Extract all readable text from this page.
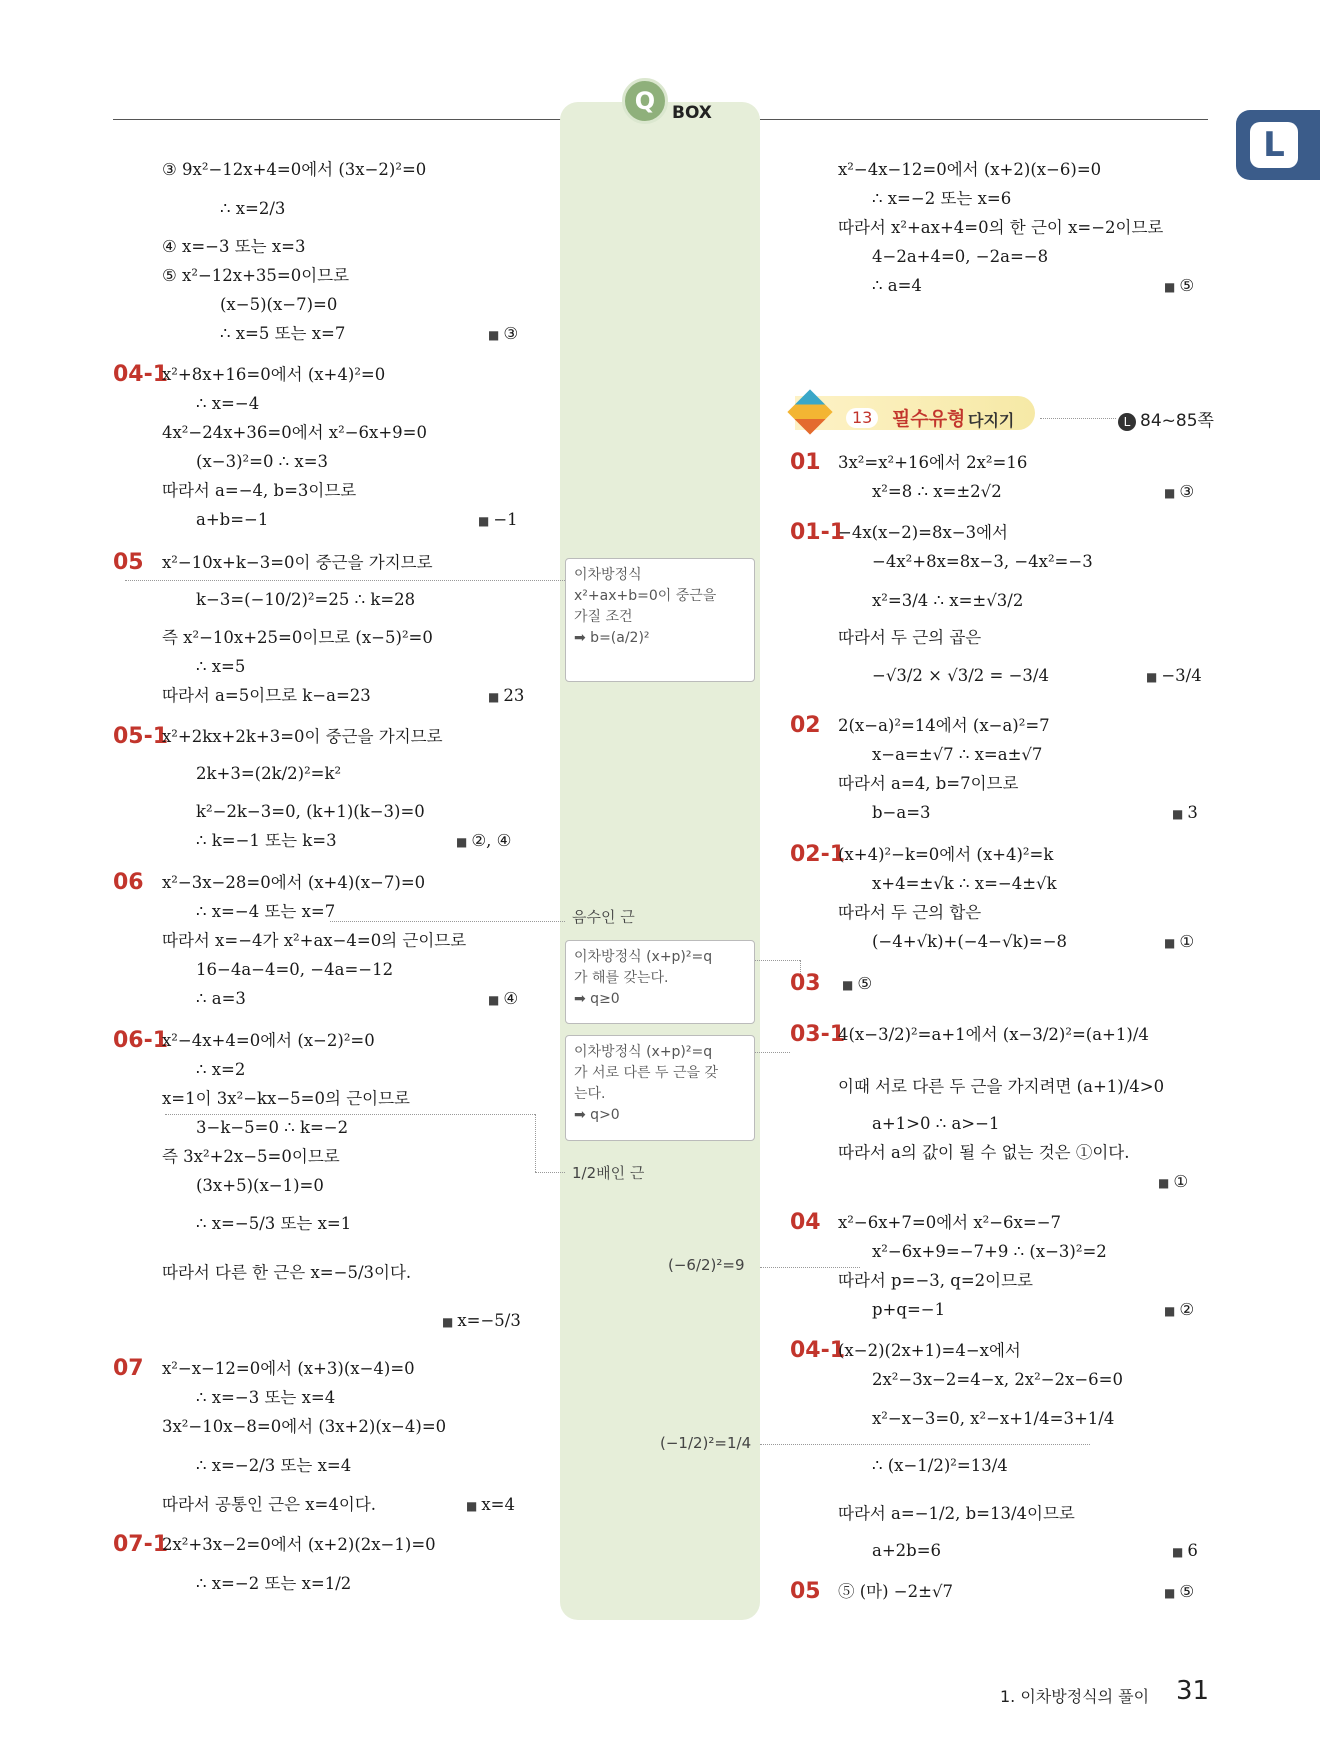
Q BOX
L
③ 9x²−12x+4=0에서 (3x−2)²=0
∴ x=2/3
④ x=−3 또는 x=3
⑤ x²−12x+35=0이므로
(x−5)(x−7)=0
∴ x=5 또는 x=7	■ ③
04-1
x²+8x+16=0에서 (x+4)²=0
∴ x=−4
4x²−24x+36=0에서 x²−6x+9=0
(x−3)²=0 ∴ x=3
따라서 a=−4, b=3이므로
a+b=−1	■ −1
05 x²−10x+k−3=0이 중근을 가지므로
k−3=(−10/2)²=25 ∴ k=28
즉 x²−10x+25=0이므로 (x−5)²=0
∴ x=5
따라서 a=5이므로 k−a=23	■ 23
05-1
x²+2kx+2k+3=0이 중근을 가지므로
2k+3=(2k/2)²=k²
k²−2k−3=0, (k+1)(k−3)=0
∴ k=−1 또는 k=3	■ ②, ④
06 x²−3x−28=0에서 (x+4)(x−7)=0
∴ x=−4 또는 x=7
따라서 x=−4가 x²+ax−4=0의 근이므로
16−4a−4=0, −4a=−12
∴ a=3	■ ④
06-1
x²−4x+4=0에서 (x−2)²=0
∴ x=2
x=1이 3x²−kx−5=0의 근이므로
3−k−5=0 ∴ k=−2
즉 3x²+2x−5=0이므로
(3x+5)(x−1)=0
∴ x=−5/3 또는 x=1
따라서 다른 한 근은 x=−5/3이다.
■ x=−5/3
07 x²−x−12=0에서 (x+3)(x−4)=0
∴ x=−3 또는 x=4
3x²−10x−8=0에서 (3x+2)(x−4)=0
∴ x=−2/3 또는 x=4
따라서 공통인 근은 x=4이다.	■ x=4
07-1
2x²+3x−2=0에서 (x+2)(2x−1)=0
∴ x=−2 또는 x=1/2
이차방정식
x²+ax+b=0이 중근을
가질 조건
➡ b=(a/2)²
음수인 근
이차방정식 (x+p)²=q
가 해를 갖는다.
➡ q≥0
이차방정식 (x+p)²=q
가 서로 다른 두 근을 갖
는다.
➡ q>0
1/2배인 근
(−6/2)²=9
(−1/2)²=1/4
x²−4x−12=0에서 (x+2)(x−6)=0
∴ x=−2 또는 x=6
따라서 x²+ax+4=0의 한 근이 x=−2이므로
4−2a+4=0, −2a=−8
∴ a=4	■ ⑤
13	필수유형 다지기	L 84~85쪽
01 3x²=x²+16에서 2x²=16
x²=8 ∴ x=±2√2	■ ③
01-1
−4x(x−2)=8x−3에서
−4x²+8x=8x−3, −4x²=−3
x²=3/4 ∴ x=±√3/2
따라서 두 근의 곱은
−√3/2 × √3/2 = −3/4	■ −3/4
02 2(x−a)²=14에서 (x−a)²=7
x−a=±√7 ∴ x=a±√7
따라서 a=4, b=7이므로
b−a=3	■ 3
02-1
(x+4)²−k=0에서 (x+4)²=k
x+4=±√k ∴ x=−4±√k
따라서 두 근의 합은
(−4+√k)+(−4−√k)=−8	■ ①
03	■ ⑤
03-1
4(x−3/2)²=a+1에서 (x−3/2)²=(a+1)/4
이때 서로 다른 두 근을 가지려면 (a+1)/4>0
a+1>0 ∴ a>−1
따라서 a의 값이 될 수 없는 것은 ①이다.
■ ①
04 x²−6x+7=0에서 x²−6x=−7
x²−6x+9=−7+9 ∴ (x−3)²=2
따라서 p=−3, q=2이므로
p+q=−1	■ ②
04-1
(x−2)(2x+1)=4−x에서
2x²−3x−2=4−x, 2x²−2x−6=0
x²−x−3=0, x²−x+1/4=3+1/4
∴ (x−1/2)²=13/4
따라서 a=−1/2, b=13/4이므로
a+2b=6	■ 6
05 ⑤ (마) −2±√7	■ ⑤
1. 이차방정식의 풀이 31
